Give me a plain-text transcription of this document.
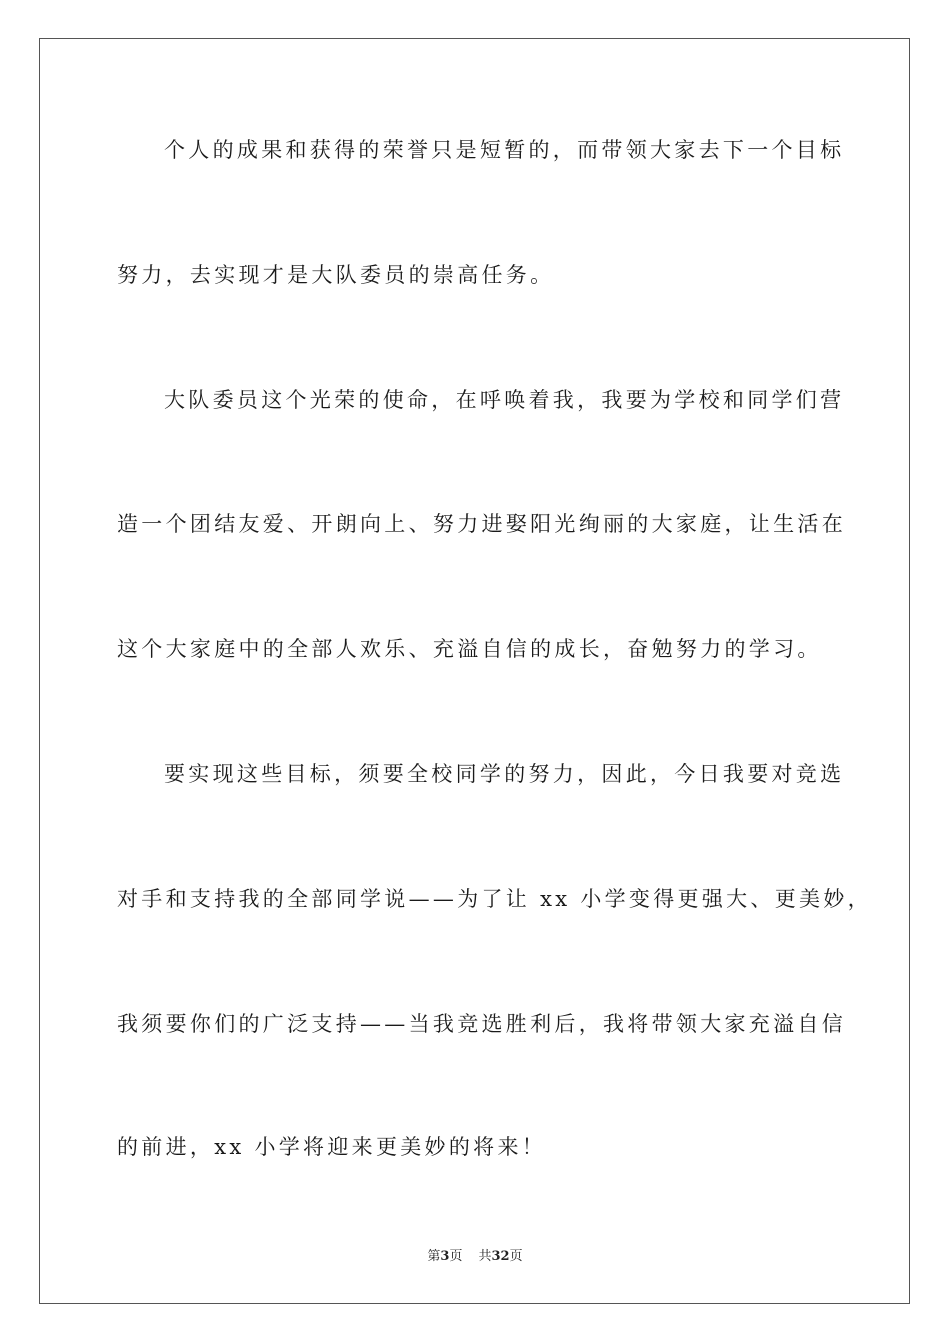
个人的成果和获得的荣誉只是短暂的，而带领大家去下一个目标
努力，去实现才是大队委员的崇高任务。
大队委员这个光荣的使命，在呼唤着我，我要为学校和同学们营
造一个团结友爱、开朗向上、努力进娶阳光绚丽的大家庭，让生活在
这个大家庭中的全部人欢乐、充溢自信的成长，奋勉努力的学习。
要实现这些目标，须要全校同学的努力，因此，今日我要对竞选
对手和支持我的全部同学说——为了让 xx 小学变得更强大、更美妙，
我须要你们的广泛支持——当我竞选胜利后，我将带领大家充溢自信
的前进，xx 小学将迎来更美妙的将来！
第3页 共32页
